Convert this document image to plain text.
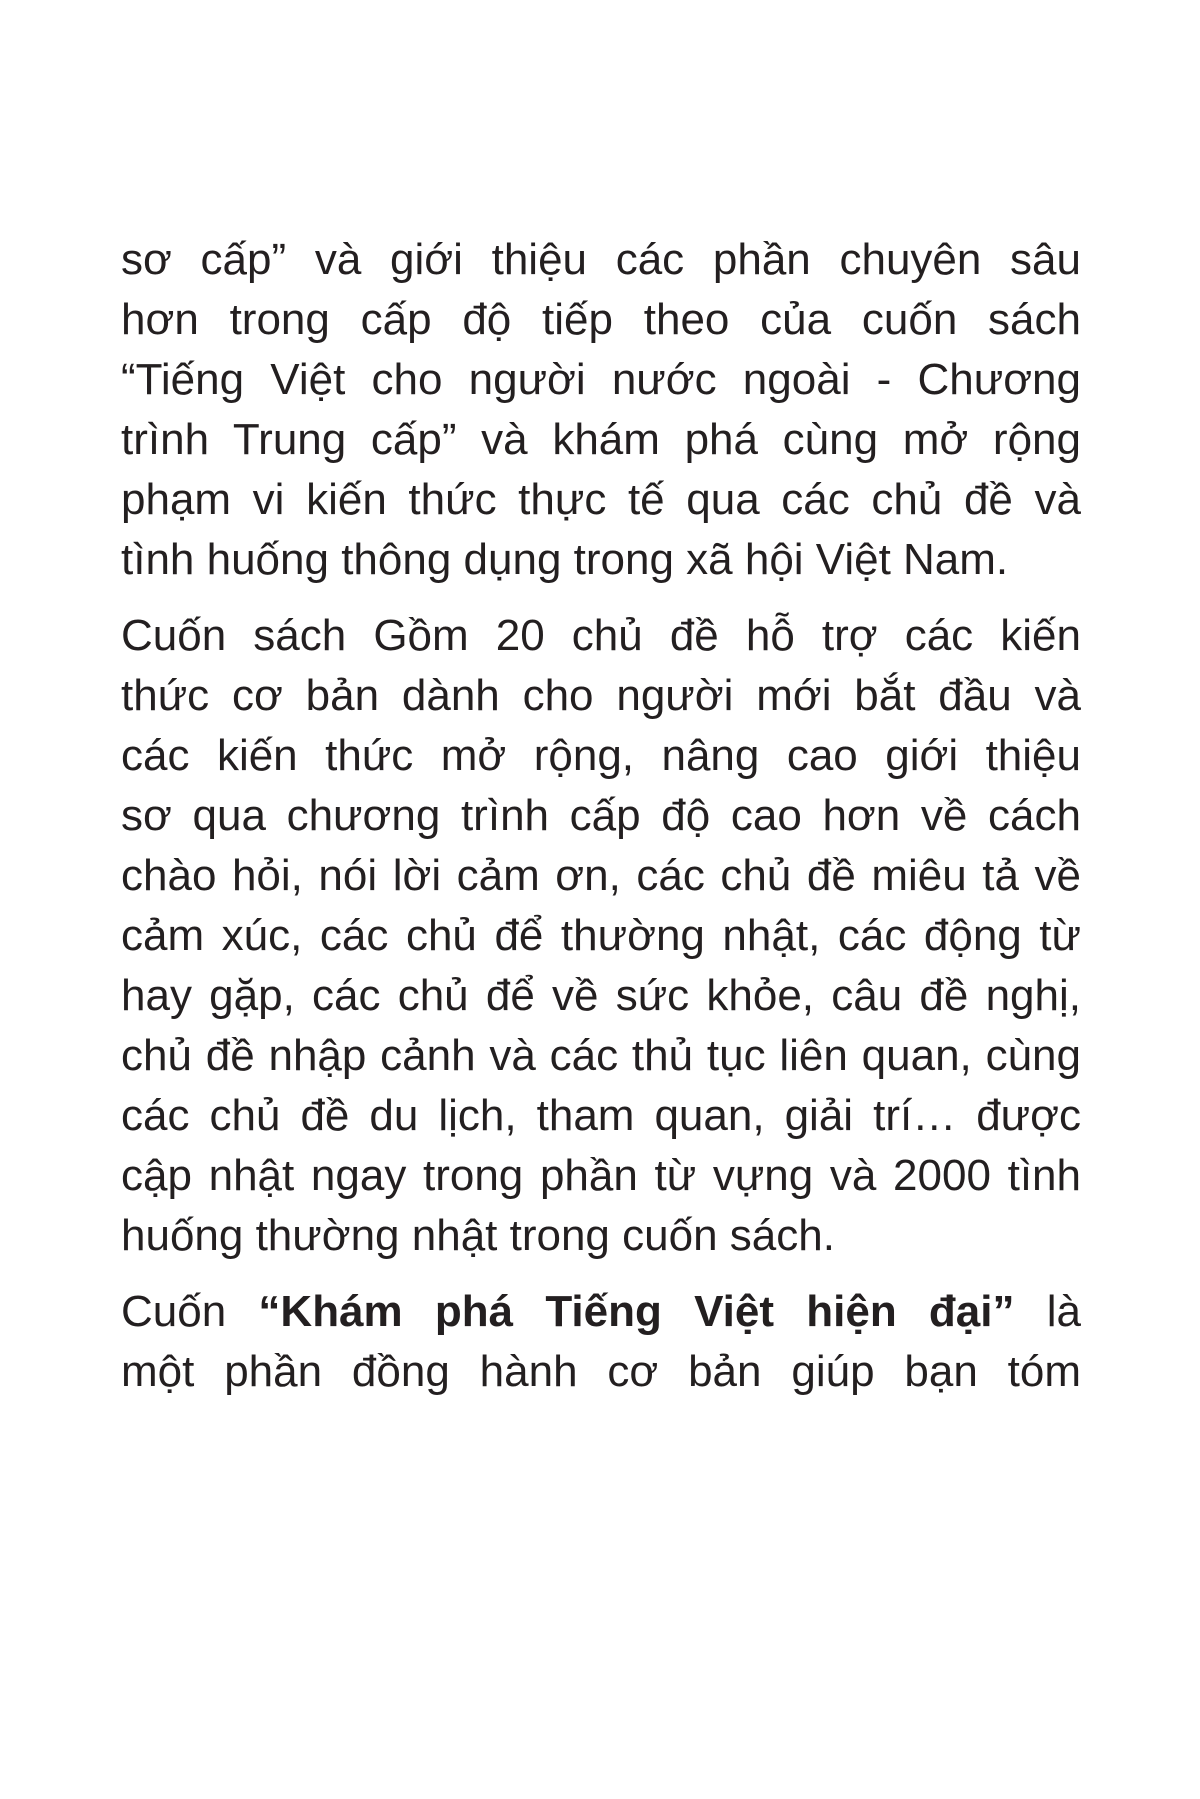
sơ cấp” và giới thiệu các phần chuyên sâu
hơn trong cấp độ tiếp theo của cuốn sách
“Tiếng Việt cho người nước ngoài - Chương
trình Trung cấp” và khám phá cùng mở rộng
phạm vi kiến thức thực tế qua các chủ đề và
tình huống thông dụng trong xã hội Việt Nam.

Cuốn sách Gồm 20 chủ đề hỗ trợ các kiến
thức cơ bản dành cho người mới bắt đầu và
các kiến thức mở rộng, nâng cao giới thiệu
sơ qua chương trình cấp độ cao hơn về cách
chào hỏi, nói lời cảm ơn, các chủ đề miêu tả về
cảm xúc, các chủ để thường nhật, các động từ
hay gặp, các chủ để về sức khỏe, câu đề nghị,
chủ đề nhập cảnh và các thủ tục liên quan, cùng
các chủ đề du lịch, tham quan, giải trí… được
cập nhật ngay trong phần từ vựng và 2000 tình
huống thường nhật trong cuốn sách.

Cuốn “Khám phá Tiếng Việt hiện đại” là
một phần đồng hành cơ bản giúp bạn tóm
